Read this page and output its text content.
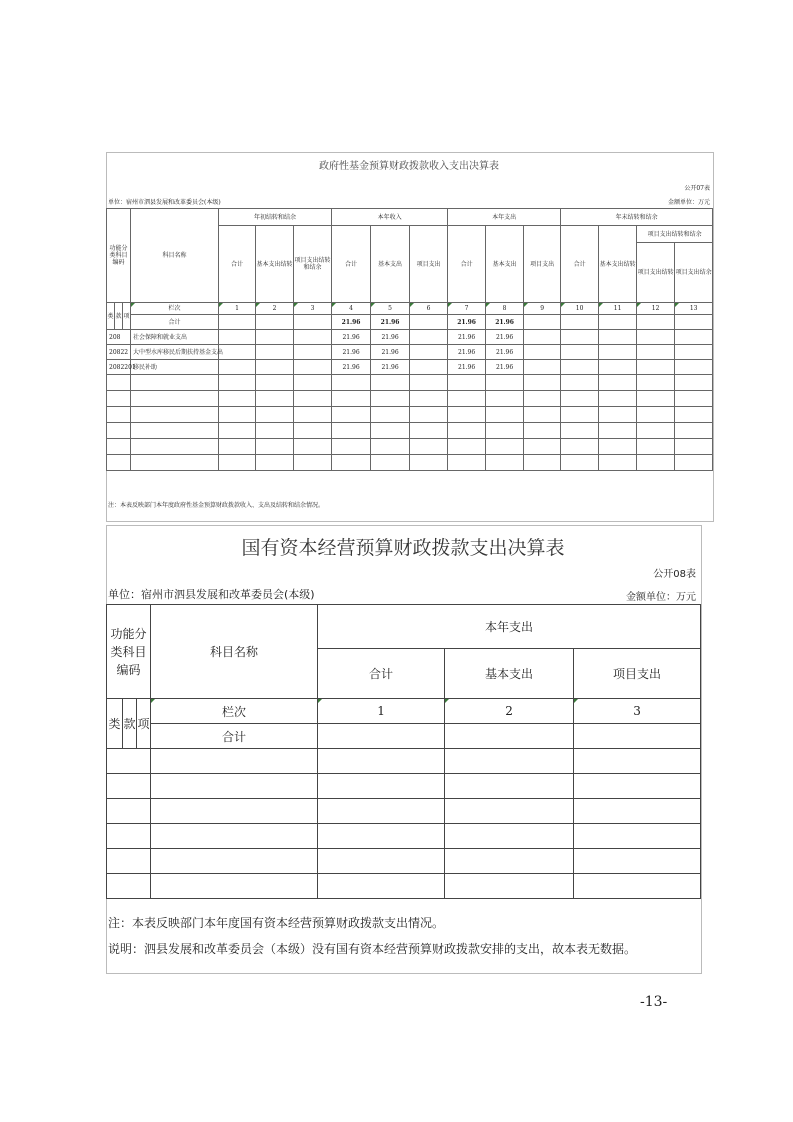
政府性基金预算财政拨款收入支出决算表
公开07表
单位：宿州市泗县发展和改革委员会(本级)	金额单位：万元
功能分类科目编码			科目名称	年初结转和结余			本年收入			本年支出			年末结转和结余			
				合计	基本支出结转	项目支出结转和结余	合计	基本支出	项目支出	合计	基本支出	项目支出	合计	基本支出结转	项目支出结转和结余	
															项目支出结转	项目支出结余
类	款	项	栏次	1	2	3	4	5	6	7	8	9	10	11	12	13
			合计				21.96	21.96		21.96	21.96					
208			社会保障和就业支出				21.96	21.96		21.96	21.96					
20822			大中型水库移民后期扶持基金支出				21.96	21.96		21.96	21.96					
2082201			移民补助				21.96	21.96		21.96	21.96					

注：本表反映部门本年度政府性基金预算财政拨款收入、支出及结转和结余情况。
国有资本经营预算财政拨款支出决算表
公开08表
单位：宿州市泗县发展和改革委员会(本级)	金额单位：万元
功能分类科目编码			科目名称	本年支出		
				合计	基本支出	项目支出
类	款	项	栏次	1	2	3
			合计			

注：本表反映部门本年度国有资本经营预算财政拨款支出情况。
说明：泗县发展和改革委员会（本级）没有国有资本经营预算财政拨款安排的支出，故本表无数据。
-13-
